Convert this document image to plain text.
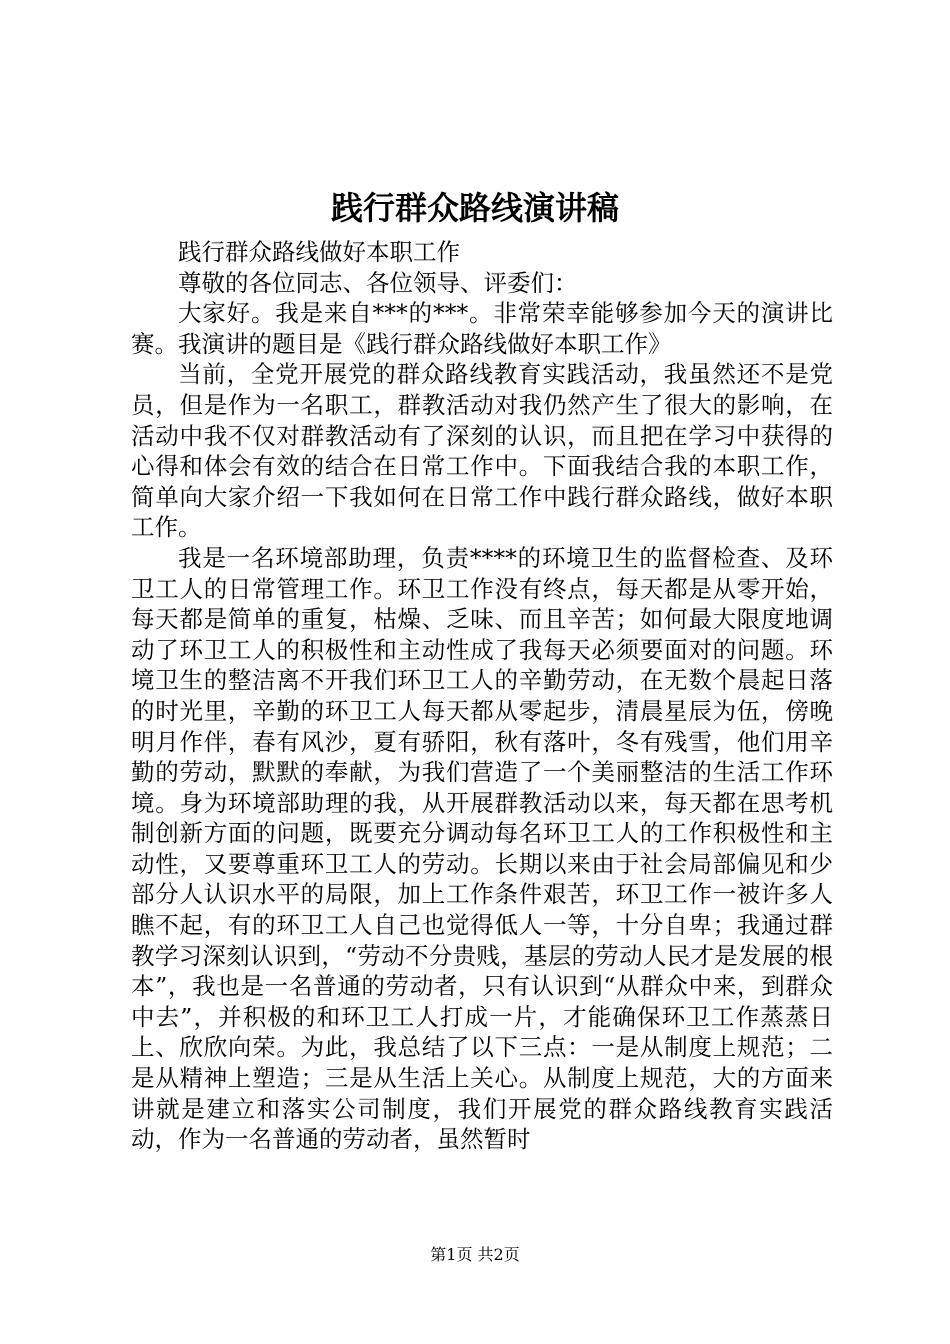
践行群众路线演讲稿

践行群众路线做好本职工作

尊敬的各位同志、各位领导、评委们：

大家好。我是来自***的***。非常荣幸能够参加今天的演讲比赛。我演讲的题目是《践行群众路线做好本职工作》

当前，全党开展党的群众路线教育实践活动，我虽然还不是党员，但是作为一名职工，群教活动对我仍然产生了很大的影响，在活动中我不仅对群教活动有了深刻的认识，而且把在学习中获得的心得和体会有效的结合在日常工作中。下面我结合我的本职工作，简单向大家介绍一下我如何在日常工作中践行群众路线，做好本职工作。

我是一名环境部助理，负责****的环境卫生的监督检查、及环卫工人的日常管理工作。环卫工作没有终点，每天都是从零开始，每天都是简单的重复，枯燥、乏味、而且辛苦；如何最大限度地调动了环卫工人的积极性和主动性成了我每天必须要面对的问题。环境卫生的整洁离不开我们环卫工人的辛勤劳动，在无数个晨起日落的时光里，辛勤的环卫工人每天都从零起步，清晨星辰为伍，傍晚明月作伴，春有风沙，夏有骄阳，秋有落叶，冬有残雪，他们用辛勤的劳动，默默的奉献，为我们营造了一个美丽整洁的生活工作环境。身为环境部助理的我，从开展群教活动以来，每天都在思考机制创新方面的问题，既要充分调动每名环卫工人的工作积极性和主动性，又要尊重环卫工人的劳动。长期以来由于社会局部偏见和少部分人认识水平的局限，加上工作条件艰苦，环卫工作一被许多人瞧不起，有的环卫工人自己也觉得低人一等，十分自卑；我通过群教学习深刻认识到，“劳动不分贵贱，基层的劳动人民才是发展的根本”，我也是一名普通的劳动者，只有认识到“从群众中来，到群众中去”，并积极的和环卫工人打成一片，才能确保环卫工作蒸蒸日上、欣欣向荣。为此，我总结了以下三点：一是从制度上规范；二是从精神上塑造；三是从生活上关心。从制度上规范，大的方面来讲就是建立和落实公司制度，我们开展党的群众路线教育实践活动，作为一名普通的劳动者，虽然暂时

第1页 共2页
